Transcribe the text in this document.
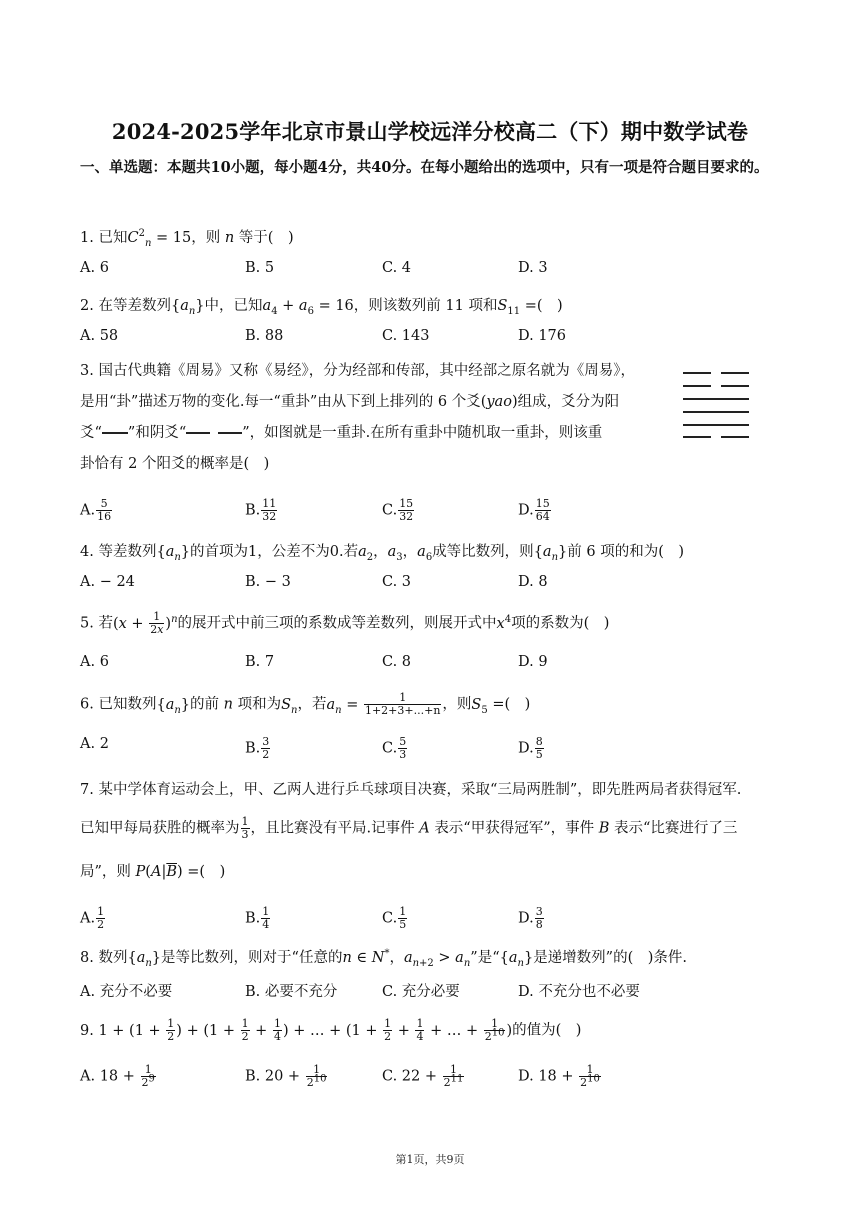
2024-2025学年北京市景山学校远洋分校高二（下）期中数学试卷
一、单选题：本题共10小题，每小题4分，共40分。在每小题给出的选项中，只有一项是符合题目要求的。
1. 已知$C^2_n = 15$，则 n 等于(　)
A. 6	B. 5	C. 4	D. 3
2. 在等差数列$\{a_n\}$中，已知$a_4 + a_6 = 16$，则该数列前 11 项和$S_{11}$ =(　)
A. 58	B. 88	C. 143	D. 176
3. 国古代典籍《周易》又称《易经》，分为经部和传部，其中经部之原名就为《周易》，
是用“卦”描述万物的变化.每一“重卦”由从下到上排列的 6 个爻(yao)组成，爻分为阳
爻“ ”和阴爻“	”，如图就是一重卦.在所有重卦中随机取一重卦，则该重
卦恰有 2 个阳爻的概率是(　)
A. $\frac{5}{16}$	B. $\frac{11}{32}$	C. $\frac{15}{32}$	D. $\frac{15}{64}$
4. 等差数列$\{a_n\}$的首项为1，公差不为0.若$a_2$，$a_3$，$a_6$成等比数列，则$\{a_n\}$前 6 项的和为(　)
A. − 24	B. − 3	C. 3	D. 8
5. 若$(x + \frac{1}{2x} )^n$的展开式中前三项的系数成等差数列，则展开式中$x^4$项的系数为(　)
A. 6	B. 7	C. 8	D. 9
6. 已知数列$\{a_n\}$的前 n 项和为$S_n$，若$a_n = \frac{1}{1+2+3+...+n}$ ，则$S_5$ =(　)
A. 2	B. $\frac{3}{2}$	C. $\frac{5}{3}$	D. $\frac{8}{5}$
7. 某中学体育运动会上，甲、乙两人进行乒乓球项目决赛，采取“三局两胜制”，即先胜两局者获得冠军.
已知甲每局获胜的概率为 $\frac{1}{3}$ ，且比赛没有平局.记事件 A 表示“甲获得冠军”，事件 B 表示“比赛进行了三
局”，则 $P(A|\overline{B})$ =(　)
A. $\frac{1}{2}$	B. $\frac{1}{4}$	C. $\frac{1}{5}$	D. $\frac{3}{8}$
8. 数列$\{a_n\}$是等比数列，则对于“任意的n ∈ N*，$a_{n+2} > a_n$”是“$\{a_n\}$是递增数列”的(　)条件.
A. 充分不必要	B. 必要不充分	C. 充分必要	D. 不充分也不必要
9. $1 + (1 + \frac{1}{2}$ ) + ($1 + \frac{1}{2} + \frac{1}{4}$ ) + … + ($1 + \frac{1}{2} + \frac{1}{4}$ + … + $\frac{1}{2^{10}}$ )的值为(　)
A. $18 + \frac{1}{2^9}$	B. $20 + \frac{1}{2^{10}}$	C. $22 + \frac{1}{2^{11}}$	D. $18 + \frac{1}{2^{10}}$
第1页，共9页
